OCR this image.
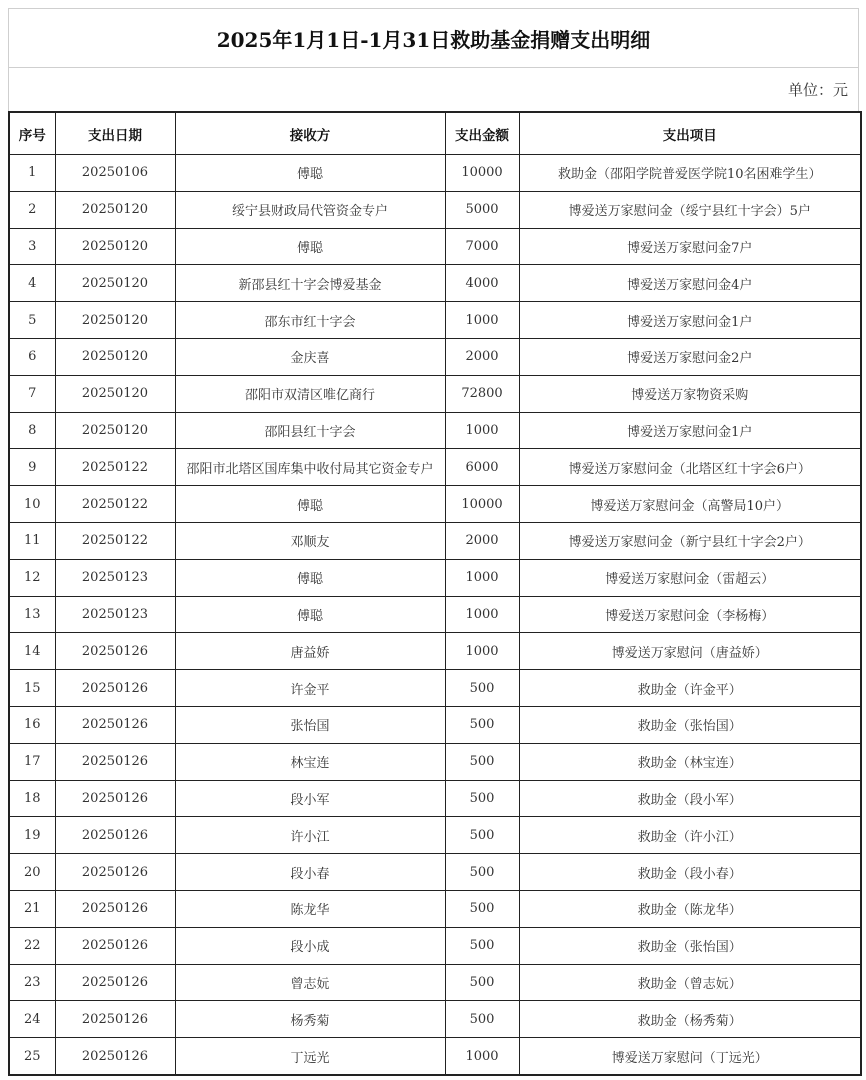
2025年1月1日-1月31日救助基金捐赠支出明细
单位：元
序号	支出日期	接收方	支出金额	支出项目
1	20250106	傅聪	10000	救助金（邵阳学院普爱医学院10名困难学生）
2	20250120	绥宁县财政局代管资金专户	5000	博爱送万家慰问金（绥宁县红十字会）5户
3	20250120	傅聪	7000	博爱送万家慰问金7户
4	20250120	新邵县红十字会博爱基金	4000	博爱送万家慰问金4户
5	20250120	邵东市红十字会	1000	博爱送万家慰问金1户
6	20250120	金庆喜	2000	博爱送万家慰问金2户
7	20250120	邵阳市双清区唯亿商行	72800	博爱送万家物资采购
8	20250120	邵阳县红十字会	1000	博爱送万家慰问金1户
9	20250122	邵阳市北塔区国库集中收付局其它资金专户	6000	博爱送万家慰问金（北塔区红十字会6户）
10	20250122	傅聪	10000	博爱送万家慰问金（高警局10户）
11	20250122	邓顺友	2000	博爱送万家慰问金（新宁县红十字会2户）
12	20250123	傅聪	1000	博爱送万家慰问金（雷超云）
13	20250123	傅聪	1000	博爱送万家慰问金（李杨梅）
14	20250126	唐益娇	1000	博爱送万家慰问（唐益娇）
15	20250126	许金平	500	救助金（许金平）
16	20250126	张怡国	500	救助金（张怡国）
17	20250126	林宝连	500	救助金（林宝连）
18	20250126	段小军	500	救助金（段小军）
19	20250126	许小江	500	救助金（许小江）
20	20250126	段小春	500	救助金（段小春）
21	20250126	陈龙华	500	救助金（陈龙华）
22	20250126	段小成	500	救助金（张怡国）
23	20250126	曾志妧	500	救助金（曾志妧）
24	20250126	杨秀菊	500	救助金（杨秀菊）
25	20250126	丁远光	1000	博爱送万家慰问（丁远光）
